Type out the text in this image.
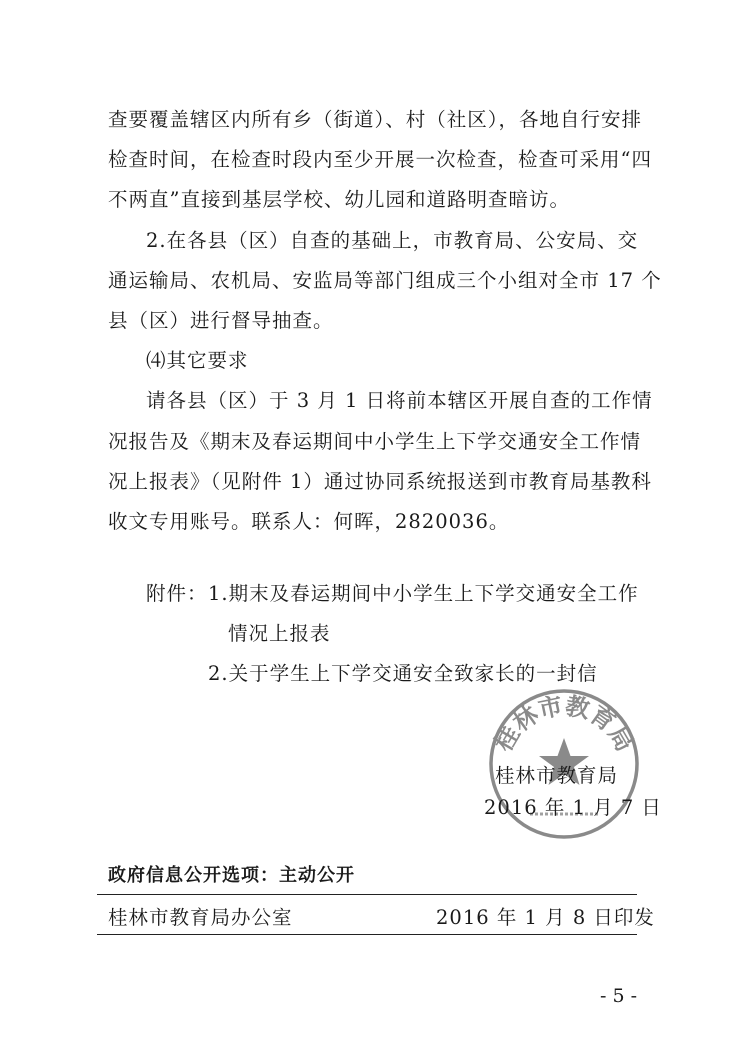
查要覆盖辖区内所有乡（街道）、村（社区），各地自行安排
检查时间，在检查时段内至少开展一次检查，检查可采用“四
不两直”直接到基层学校、幼儿园和道路明查暗访。
2.在各县（区）自查的基础上，市教育局、公安局、交
通运输局、农机局、安监局等部门组成三个小组对全市 17 个
县（区）进行督导抽查。
⑷其它要求
请各县（区）于 3 月 1 日将前本辖区开展自查的工作情
况报告及《期末及春运期间中小学生上下学交通安全工作情
况上报表》（见附件 1）通过协同系统报送到市教育局基教科
收文专用账号。联系人：何晖，2820036。
附件： 1.期末及春运期间中小学生上下学交通安全工作
情况上报表
2.关于学生上下学交通安全致家长的一封信
桂林市教育局
桂林市教育局
2016 年 1 月 7 日
政府信息公开选项：主动公开
桂林市教育局办公室	2016 年 1 月 8 日印发
- 5 -
